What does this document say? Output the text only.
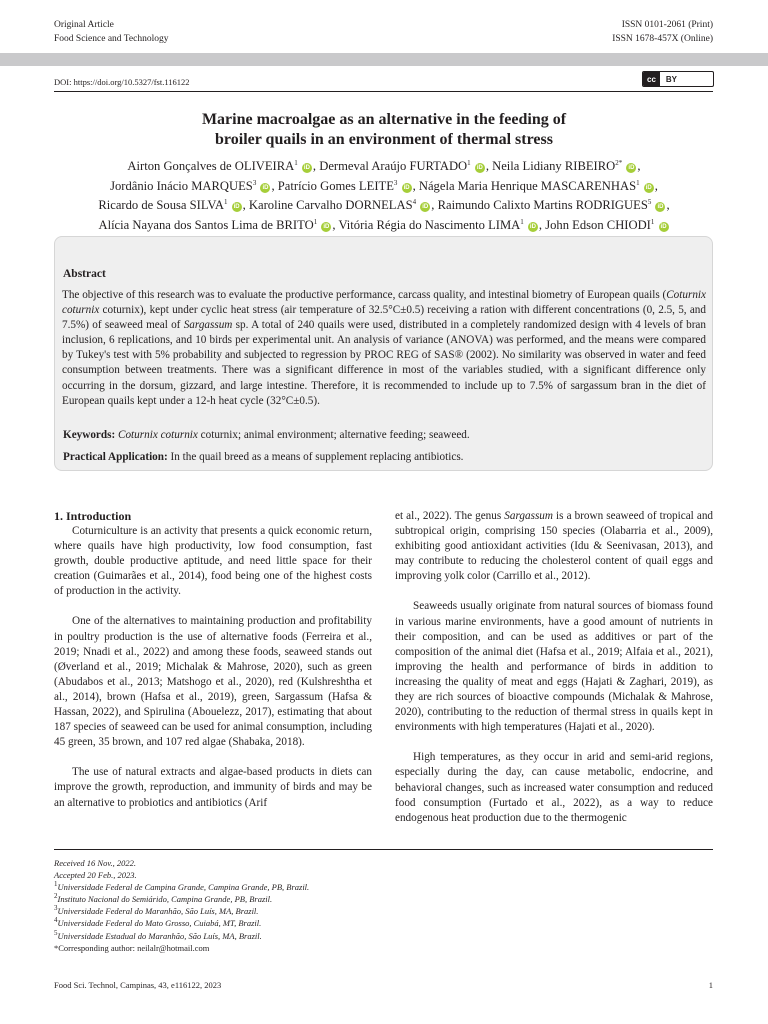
Original Article
Food Science and Technology
ISSN 0101-2061 (Print)
ISSN 1678-457X (Online)
DOI: https://doi.org/10.5327/fst.116122	cc	BY
Marine macroalgae as an alternative in the feeding of
broiler quails in an environment of thermal stress
Airton Gonçalves de OLIVEIRA$^1$ iD , Dermeval Araújo FURTADO$^1$ iD , Neila Lidiany $RIBEIRO^{2*}$ iD ,
Jordânio Inácio MARQUES$^3$ iD , Patrício Gomes LEITE$^3$ iD , Nágela Maria Henrique MASCARENHAS$^1$ iD ,
Ricardo de Sousa SILVA$^1$ iD , Karoline Carvalho DORNELAS$^4$ iD , Raimundo Calixto Martins RODRIGUES$^5$ iD ,
Alícia Nayana dos Santos Lima de BRITO$^1$ iD , Vitória Régia do Nascimento LIMA$^1$ iD , John Edson CHIODI$^1$ iD
Abstract

The objective of this research was to evaluate the productive performance, carcass quality, and intestinal biometry of European quails (Coturnix coturnix coturnix), kept under cyclic heat stress (air temperature of 32.5°C±0.5) receiving a ration with different concentrations (0, 2.5, 5, and 7.5%) of seaweed meal of Sargassum sp. A total of 240 quails were used, distributed in a completely randomized design with 4 levels of bran inclusion, 6 replications, and 10 birds per experimental unit. An analysis of variance (ANOVA) was performed, and the means were compared by Tukey's test with 5% probability and subjected to regression by PROC REG of SAS® (2002). No similarity was observed in water and feed consumption between treatments. There was a significant difference in most of the variables studied, with a significant difference only occurring in the dorsum, gizzard, and large intestine. Therefore, it is recommended to include up to 7.5% of sargassum bran in the diet of European quails kept under a 12-h heat cycle (32°C±0.5).

Keywords: Coturnix coturnix coturnix; animal environment; alternative feeding; seaweed.
Practical Application: In the quail breed as a means of supplement replacing antibiotics.
1. Introduction

Coturniculture is an activity that presents a quick economic return, where quails have high productivity, low food consumption, fast growth, double productive aptitude, and need little space for their creation (Guimarães et al., 2014), food being one of the highest costs of production in the activity.

One of the alternatives to maintaining production and profitability in poultry production is the use of alternative foods (Ferreira et al., 2019; Nnadi et al., 2022) and among these foods, seaweed stands out (Øverland et al., 2019; Michalak & Mahrose, 2020), such as green (Abudabos et al., 2013; Matshogo et al., 2020), red (Kulshreshtha et al., 2014), brown (Hafsa et al., 2019), green, Sargassum (Hafsa & Hassan, 2022), and Spirulina (Abouelezz, 2017), estimating that about 187 species of seaweed can be used for animal consumption, including 45 green, 35 brown, and 107 red algae (Shabaka, 2018).

The use of natural extracts and algae-based products in diets can improve the growth, reproduction, and immunity of birds and may be an alternative to probiotics and antibiotics (Arif

et al., 2022). The genus Sargassum is a brown seaweed of tropical and subtropical origin, comprising 150 species (Olabarria et al., 2009), exhibiting good antioxidant activities (Idu & Seenivasan, 2013), and may contribute to reducing the cholesterol content of quail eggs and improving yolk color (Carrillo et al., 2012).

Seaweeds usually originate from natural sources of biomass found in various marine environments, have a good amount of nutrients in their composition, and can be used as additives or part of the composition of the animal diet (Hafsa et al., 2019; Alfaia et al., 2021), improving the health and performance of birds in addition to increasing the quality of meat and eggs (Hajati & Zaghari, 2019), as they are rich sources of bioactive compounds (Michalak & Mahrose, 2020), contributing to the reduction of thermal stress in quails kept in environments with high temperatures (Hajati et al., 2020).

High temperatures, as they occur in arid and semi-arid regions, especially during the day, can cause metabolic, endocrine, and behavioral changes, such as increased water consumption and reduced food consumption (Furtado et al., 2022), as a way to reduce endogenous heat production due to the thermogenic

Received 16 Nov., 2022.
Accepted 20 Feb., 2023.
$^1$Universidade Federal de Campina Grande, Campina Grande, PB, Brazil.
$^2$Instituto Nacional do Semiárido, Campina Grande, PB, Brazil.
$^3$Universidade Federal do Maranhão, São Luís, MA, Brazil.
$^4$Universidade Federal do Mato Grosso, Cuiabá, MT, Brazil.
$^5$Universidade Estadual do Maranhão, São Luís, MA, Brazil.
*Corresponding author: neilalr@hotmail.com
Food Sci. Technol, Campinas, 43, e116122, 2023	1
